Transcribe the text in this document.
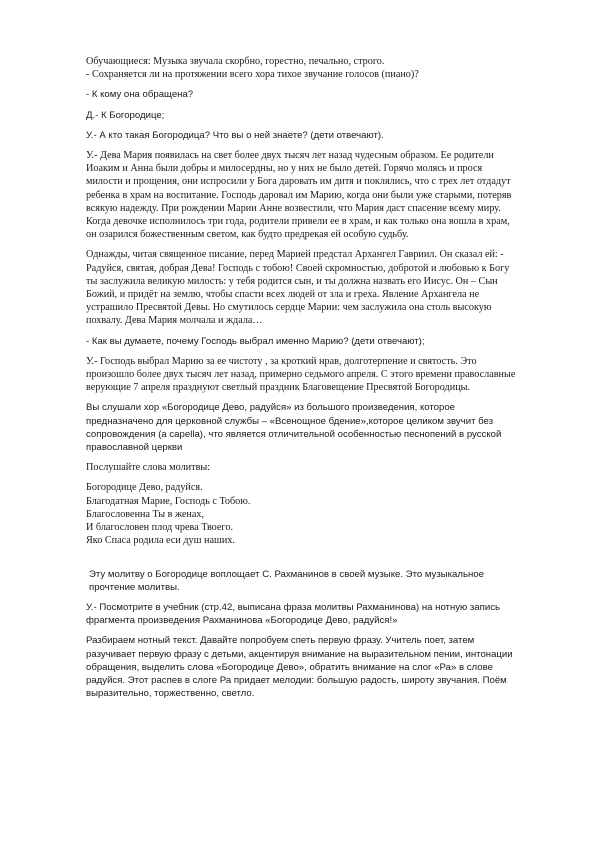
Обучающиеся: Музыка звучала скорбно, горестно, печально, строго.
- Сохраняется ли на протяжении всего хора тихое звучание голосов (пиано)?

- К кому она обращена?

Д.- К Богородице;

У.- А кто такая Богородица? Что вы о ней знаете? (дети отвечают).

У.- Дева Мария появилась на свет более двух тысяч лет назад чудесным образом. Ее родители Иоаким и Анна были добры и милосердны, но у них не было детей. Горячо молясь и прося милости и прощения, они испросили у Бога даровать им дитя и поклялись, что с трех лет отдадут ребенка в храм на воспитание. Господь даровал им Марию, когда они были уже старыми, потеряв всякую надежду. При рождении Марии Анне возвестили, что Мария даст спасение всему миру. Когда девочке исполнилось три года, родители привели ее в храм, и как только она вошла в храм, он озарился божественным светом, как будто предрекая ей особую судьбу.

Однажды, читая священное писание, перед Марией предстал Архангел Гавриил. Он сказал ей: - Радуйся, святая, добрая Дева! Господь с тобою! Своей скромностью, добротой и любовью к Богу ты заслужила великую милость: у тебя родится сын, и ты должна назвать его Иисус. Он – Сын Божий, и придёт на землю, чтобы спасти всех людей от зла и греха. Явление Архангела не устрашило Пресвятой Девы. Но смутилось сердце Марии: чем заслужила она столь высокую похвалу. Дева Мария молчала и ждала…

- Как вы думаете, почему Господь выбрал именно Марию? (дети отвечают);

У.- Господь выбрал Марию за ее чистоту , за кроткий нрав, долготерпение и святость. Это произошло более двух тысяч лет назад, примерно седьмого апреля. С этого времени православные верующие 7 апреля празднуют светлый праздник Благовещение Пресвятой Богородицы.

Вы слушали хор «Богородице Дево, радуйся» из большого произведения, которое предназначено для церковной службы – «Всенощное бдение»,которое целиком звучит без сопровождения (a capella), что является отличительной особенностью песнопений в русской православной церкви

Послушайте слова молитвы:

Богородице Дево, радуйся.
Благодатная Марие, Господь с Тобою.
Благословенна Ты в женах,
И благословен плод чрева Твоего.
Яко Спаса родила еси душ наших.

Эту молитву о Богородице воплощает С. Рахманинов в своей музыке. Это музыкальное прочтение молитвы.

У.- Посмотрите в учебник (стр.42, выписана фраза молитвы Рахманинова) на нотную запись фрагмента произведения Рахманинова «Богородице Дево, радуйся!»

Разбираем нотный текст. Давайте попробуем спеть первую фразу. Учитель поет, затем разучивает первую фразу с детьми, акцентируя внимание на выразительном пении, интонации обращения, выделить слова «Богородице Дево», обратить внимание на слог «Ра» в слове радуйся. Этот распев в слоге Ра придает мелодии: большую радость, широту звучания. Поём выразительно, торжественно, светло.
